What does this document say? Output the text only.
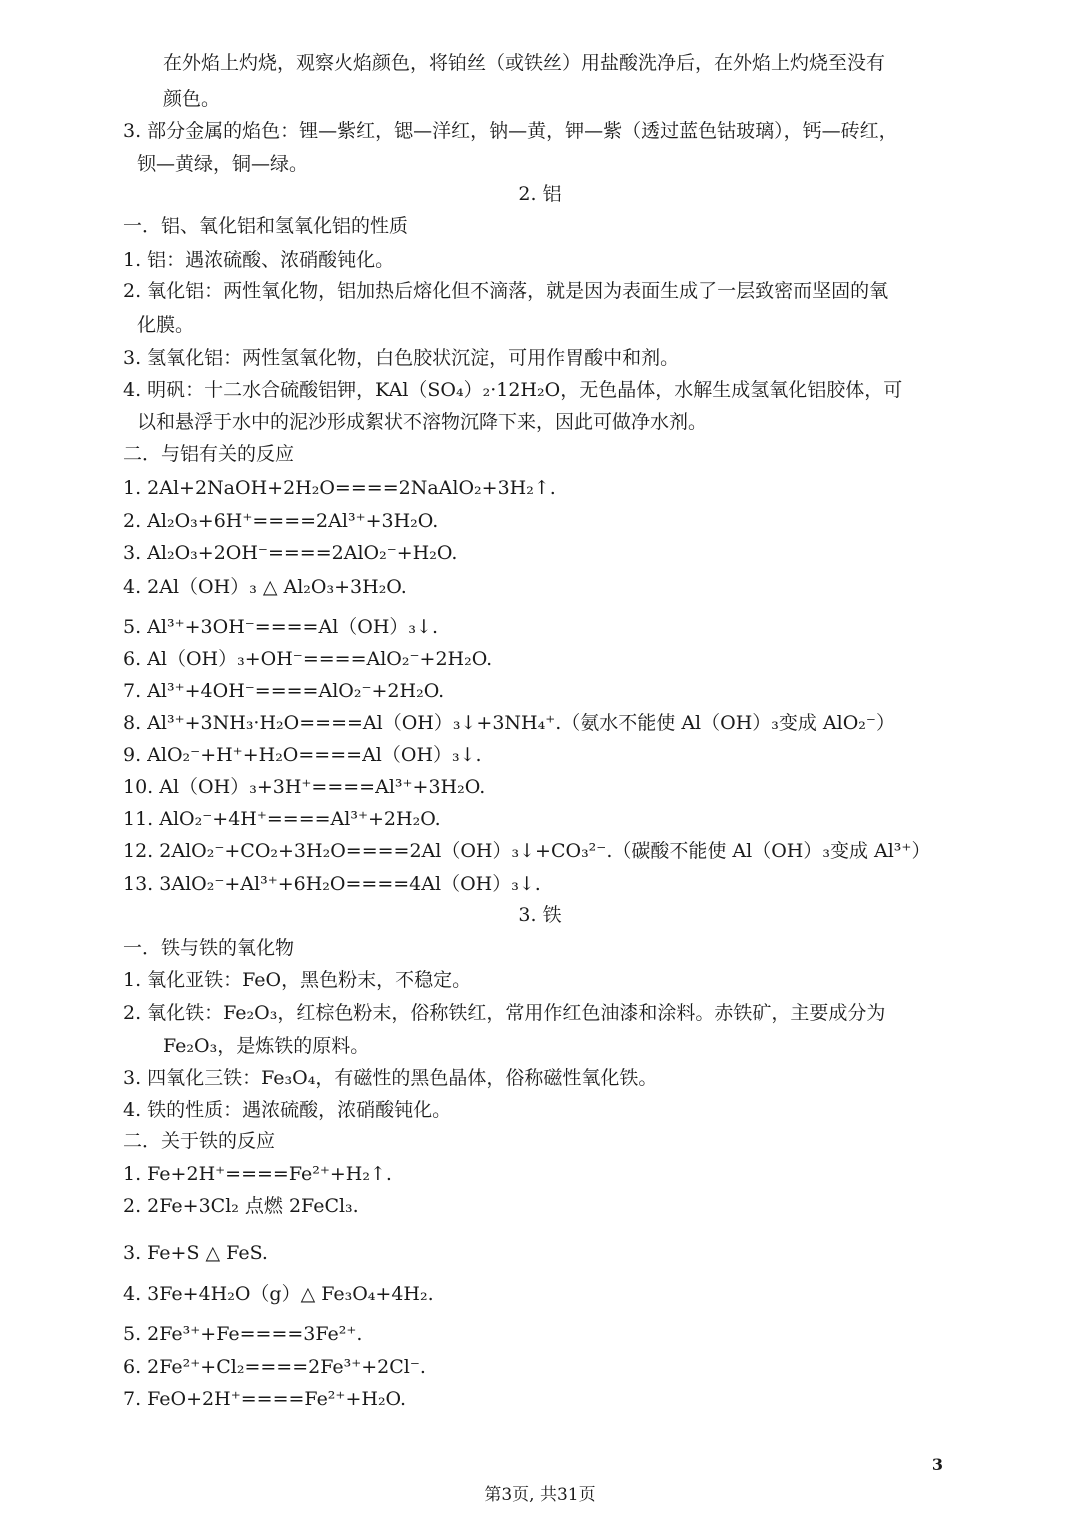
在外焰上灼烧，观察火焰颜色，将铂丝（或铁丝）用盐酸洗净后，在外焰上灼烧至没有
颜色。
3. 部分金属的焰色：锂—紫红，锶—洋红，钠—黄，钾—紫（透过蓝色钴玻璃），钙—砖红，
钡—黄绿，铜—绿。
2. 铝
一．铝、氧化铝和氢氧化铝的性质
1. 铝：遇浓硫酸、浓硝酸钝化。
2. 氧化铝：两性氧化物，铝加热后熔化但不滴落，就是因为表面生成了一层致密而坚固的氧
化膜。
3. 氢氧化铝：两性氢氧化物，白色胶状沉淀，可用作胃酸中和剂。
4. 明矾：十二水合硫酸铝钾，KAl（SO₄）₂·12H₂O，无色晶体，水解生成氢氧化铝胶体，可
以和悬浮于水中的泥沙形成絮状不溶物沉降下来，因此可做净水剂。
二．与铝有关的反应
1. 2Al+2NaOH+2H₂O====2NaAlO₂+3H₂↑.
2. Al₂O₃+6H⁺====2Al³⁺+3H₂O.
3. Al₂O₃+2OH⁻====2AlO₂⁻+H₂O.
4. 2Al（OH）₃ △ Al₂O₃+3H₂O.
5. Al³⁺+3OH⁻====Al（OH）₃↓.
6. Al（OH）₃+OH⁻====AlO₂⁻+2H₂O.
7. Al³⁺+4OH⁻====AlO₂⁻+2H₂O.
8. Al³⁺+3NH₃·H₂O====Al（OH）₃↓+3NH₄⁺.（氨水不能使 Al（OH）₃变成 AlO₂⁻）
9. AlO₂⁻+H⁺+H₂O====Al（OH）₃↓.
10. Al（OH）₃+3H⁺====Al³⁺+3H₂O.
11. AlO₂⁻+4H⁺====Al³⁺+2H₂O.
12. 2AlO₂⁻+CO₂+3H₂O====2Al（OH）₃↓+CO₃²⁻.（碳酸不能使 Al（OH）₃变成 Al³⁺）
13. 3AlO₂⁻+Al³⁺+6H₂O====4Al（OH）₃↓.
3. 铁
一．铁与铁的氧化物
1. 氧化亚铁：FeO，黑色粉末，不稳定。
2. 氧化铁：Fe₂O₃，红棕色粉末，俗称铁红，常用作红色油漆和涂料。赤铁矿，主要成分为
Fe₂O₃，是炼铁的原料。
3. 四氧化三铁：Fe₃O₄，有磁性的黑色晶体，俗称磁性氧化铁。
4. 铁的性质：遇浓硫酸，浓硝酸钝化。
二．关于铁的反应
1. Fe+2H⁺====Fe²⁺+H₂↑.
2. 2Fe+3Cl₂ 点燃 2FeCl₃.
3. Fe+S △ FeS.
4. 3Fe+4H₂O（g）△ Fe₃O₄+4H₂.
5. 2Fe³⁺+Fe====3Fe²⁺.
6. 2Fe²⁺+Cl₂====2Fe³⁺+2Cl⁻.
7. FeO+2H⁺====Fe²⁺+H₂O.
3
第3页, 共31页
